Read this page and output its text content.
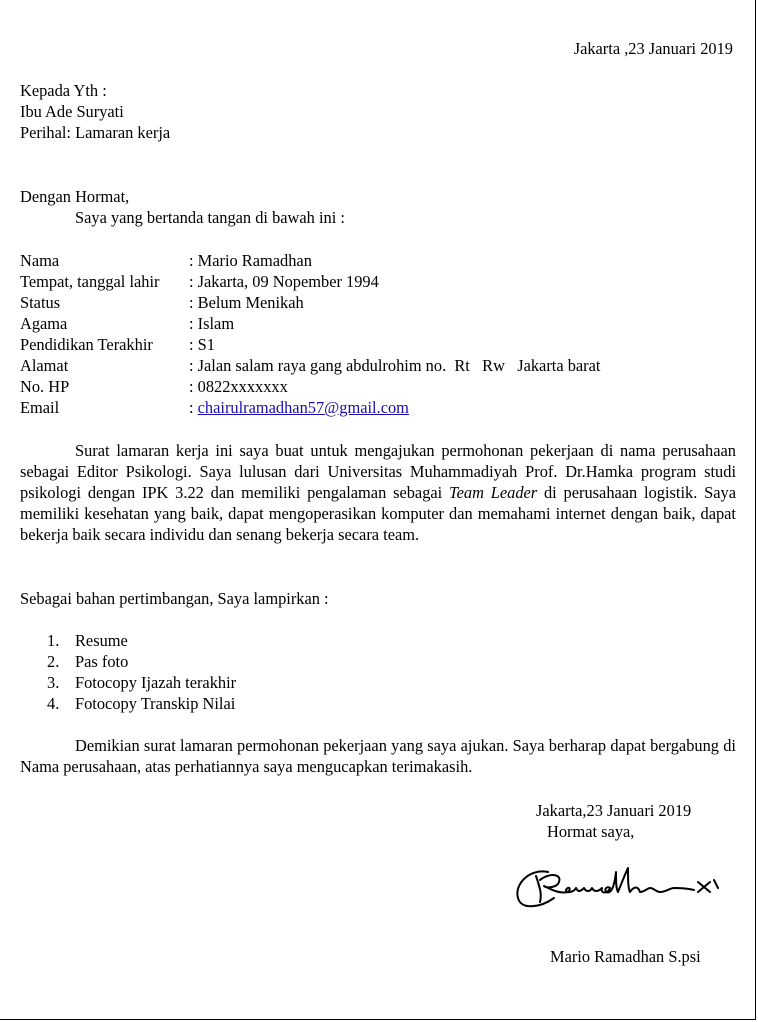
Jakarta ,23 Januari 2019
Kepada Yth :
Ibu Ade Suryati
Perihal: Lamaran kerja
Dengan Hormat,
Saya yang bertanda tangan di bawah ini :
Nama	: Mario Ramadhan
Tempat, tanggal lahir : Jakarta, 09 Nopember 1994
Status	: Belum Menikah
Agama	: Islam
Pendidikan Terakhir : S1
Alamat	: Jalan salam raya gang abdulrohim no.  Rt   Rw   Jakarta barat
No. HP	: 0822xxxxxxx
Email	: chairulramadhan57@gmail.com

Surat lamaran kerja ini saya buat untuk mengajukan permohonan pekerjaan di nama perusahaan sebagai Editor Psikologi. Saya lulusan dari Universitas Muhammadiyah Prof. Dr.Hamka program studi psikologi dengan IPK 3.22 dan memiliki pengalaman sebagai Team Leader di perusahaan logistik. Saya memiliki kesehatan yang baik, dapat mengoperasikan komputer dan memahami internet dengan baik, dapat bekerja baik secara individu dan senang bekerja secara team.

Sebagai bahan pertimbangan, Saya lampirkan :
1. Resume
2. Pas foto
3. Fotocopy Ijazah terakhir
4. Fotocopy Transkip Nilai

Demikian surat lamaran permohonan pekerjaan yang saya ajukan. Saya berharap dapat bergabung di Nama perusahaan, atas perhatiannya saya mengucapkan terimakasih.

Jakarta,23 Januari 2019
Hormat saya,
Mario Ramadhan S.psi
